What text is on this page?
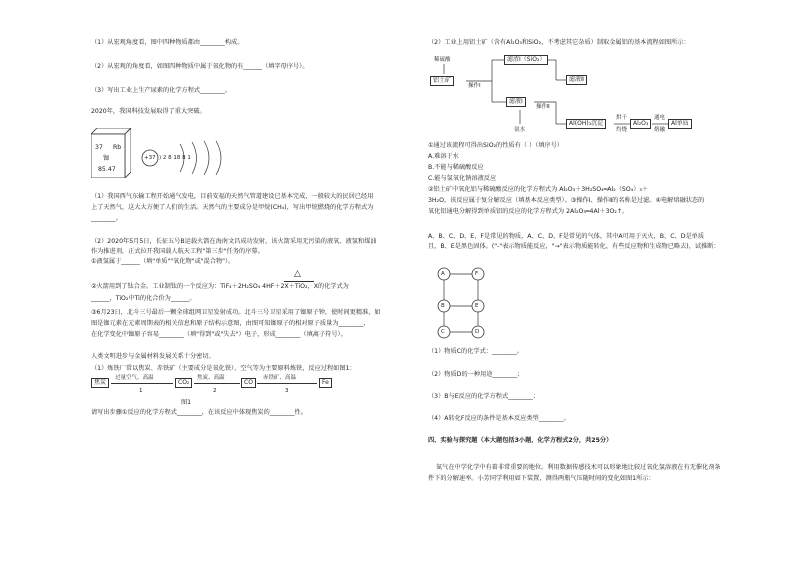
（1）从宏观角度看，图中四种物质都由________构成。
（2）从宏观的角度看，如图四种物质中属于氧化物的有______（填字母序号）。
（3）写出工业上生产尿素的化学方程式________。
2020年，我国科技发展取得了重大突破。
37 Rb
铷
85.47
+37 ) 2 8 18 8 1
（1）我国西气东输工程开始通气发电，目前安福的天然气管道建设已基本完成，一般较大的民居已经用
上了天然气，这大大方便了人们的生活。天然气的主要成分是甲烷(CH₄)，写出甲烷燃烧的化学方程式为
________。
（2）2020年5月5日，长征五号B运载火箭在海南文昌成功发射，该火箭采用无污染的液氧、液氢和煤油
作为推进剂，正式拉开我国载人航天工程"第三步"任务的序幕。
①液氢属于______（填"单质""氧化物"或"混合物"）。
△
②火箭用到了钛合金。工业制钛的一个反应为：TiF₄＋2H₂SO₄ 4HF＋2X＋TiO₂，X的化学式为
______，TiO₂中Ti的化合价为______。
③6月23日，北斗三号最后一颗全球组网卫星发射成功。北斗三号卫星采用了铷原子钟，使时间更精准，如
图是铷元素在元素周期表的相关信息和原子结构示意图，由图可知铷原子的相对原子质量为________，
在化学变化中铷原子容易________（填"得到"或"失去"）电子，形成________（填离子符号）。
人类文明进步与金属材料发展关系十分密切。
（1）炼铁厂常以焦炭、赤铁矿（主要成分是氧化铁）、空气等为主要原料炼铁，反应过程如图1：
焦炭
过量空气、高温
1
CO₂
焦炭、高温
2
CO
赤铁矿、高温
3
Fe
图1
请写出步骤①反应的化学方程式________，在该反应中体现焦炭的________性。
（2）工业上用铝土矿（含有Al₂O₃和SiO₂，不考虑其它杂质）制取金属铝的基本流程如图所示：
稀硫酸
铝土矿
操作Ⅰ
滤渣Ⅰ（SiO₂）
滤液Ⅰ
滤液Ⅱ
操作Ⅱ
氨水
Al(OH)₃沉淀
烘干
灼烧
Al₂O₃
通电
熔融
Al单质
①通过该流程可得出SiO₂的性质有（ ）（填序号）
A.难溶于水
B.不能与稀硫酸反应
C.能与氢氧化钠溶液反应
②铝土矿中氧化铝与稀硫酸反应的化学方程式为 Al₂O₃＋3H₂SO₄═Al₂（SO₄）₃＋
3H₂O，该反应属于复分解反应（填基本反应类型）。③操作Ⅰ、操作Ⅱ的名称是过滤。④电解熔融状态的
氧化铝通电分解得到单质铝的反应的化学方程式为 2Al₂O₃═4Al＋3O₂↑。
A、B、C、D、E、F是常见的物质，A、C、D、F是常见的气体，其中A可用于灭火，B、C、D是单质
且，B、E是黑色固体。("-"表示物质能反应，"→"表示物质能转化，有些反应物和生成物已略去)，试推断：
A	F
B	E
C	D
（1）物质C的化学式：________。
（2）物质D的一种用途________；
（3）B与E反应的化学方程式________；
（4）A转化F反应的条件是基本反应类型________。
四、实验与探究题（本大题包括3小题，化学方程式2分，共25分）
氮气在中学化学中有着非常重要的地位。利用数据传感技术可以形象地比较过氧化氢溶液在有无催化剂条
件下的分解速率。小芳同学利用如下装置，测得两瓶气压随时间的变化如图1所示：
